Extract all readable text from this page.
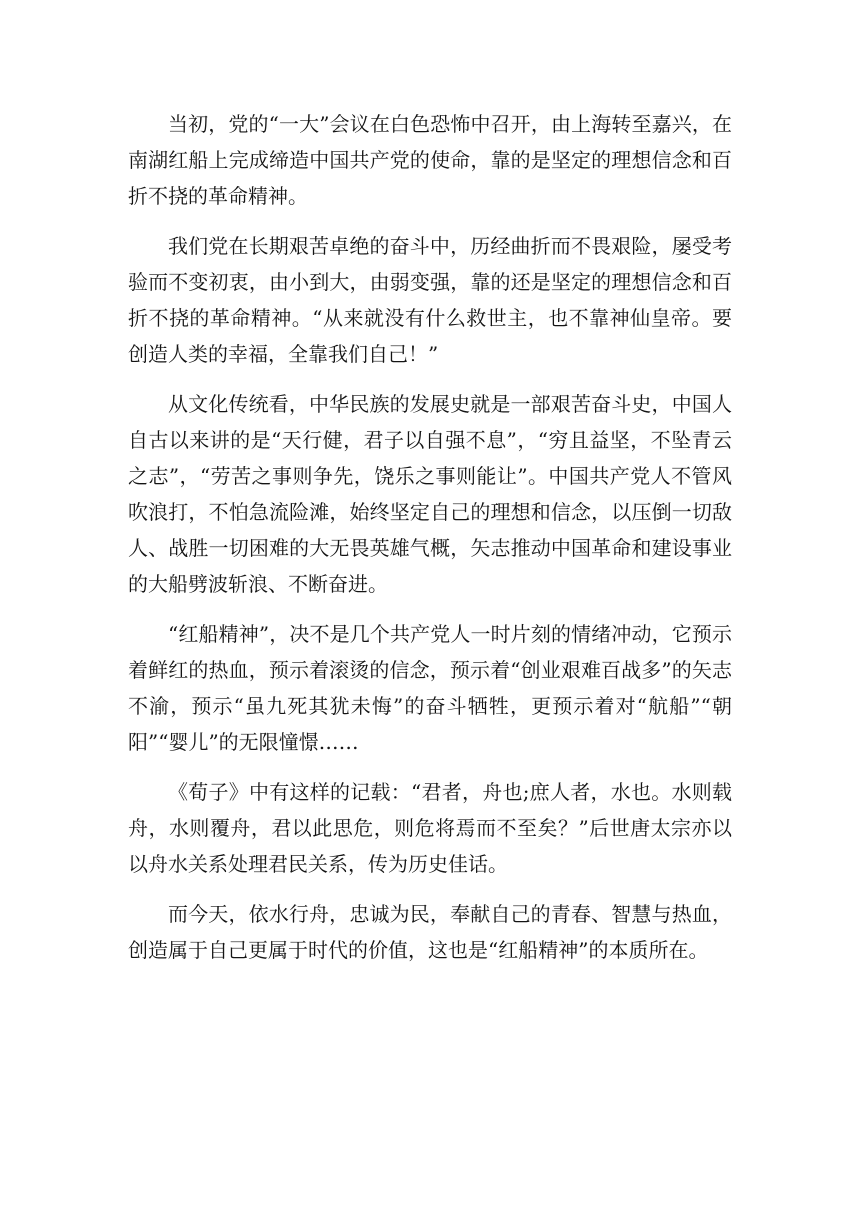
当初，党的“一大”会议在白色恐怖中召开，由上海转至嘉兴，在南湖红船上完成缔造中国共产党的使命，靠的是坚定的理想信念和百折不挠的革命精神。

我们党在长期艰苦卓绝的奋斗中，历经曲折而不畏艰险，屡受考验而不变初衷，由小到大，由弱变强，靠的还是坚定的理想信念和百折不挠的革命精神。“从来就没有什么救世主，也不靠神仙皇帝。要创造人类的幸福，全靠我们自己！”

从文化传统看，中华民族的发展史就是一部艰苦奋斗史，中国人自古以来讲的是“天行健，君子以自强不息”，“穷且益坚，不坠青云之志”，“劳苦之事则争先，饶乐之事则能让”。中国共产党人不管风吹浪打，不怕急流险滩，始终坚定自己的理想和信念，以压倒一切敌人、战胜一切困难的大无畏英雄气概，矢志推动中国革命和建设事业的大船劈波斩浪、不断奋进。

“红船精神”，决不是几个共产党人一时片刻的情绪冲动，它预示着鲜红的热血，预示着滚烫的信念，预示着“创业艰难百战多”的矢志不渝，预示“虽九死其犹未悔”的奋斗牺牲，更预示着对“航船”“朝阳”“婴儿”的无限憧憬……

《荀子》中有这样的记载：“君者，舟也;庶人者，水也。水则载舟，水则覆舟，君以此思危，则危将焉而不至矣？”后世唐太宗亦以以舟水关系处理君民关系，传为历史佳话。

而今天，依水行舟，忠诚为民，奉献自己的青春、智慧与热血，创造属于自己更属于时代的价值，这也是“红船精神”的本质所在。
